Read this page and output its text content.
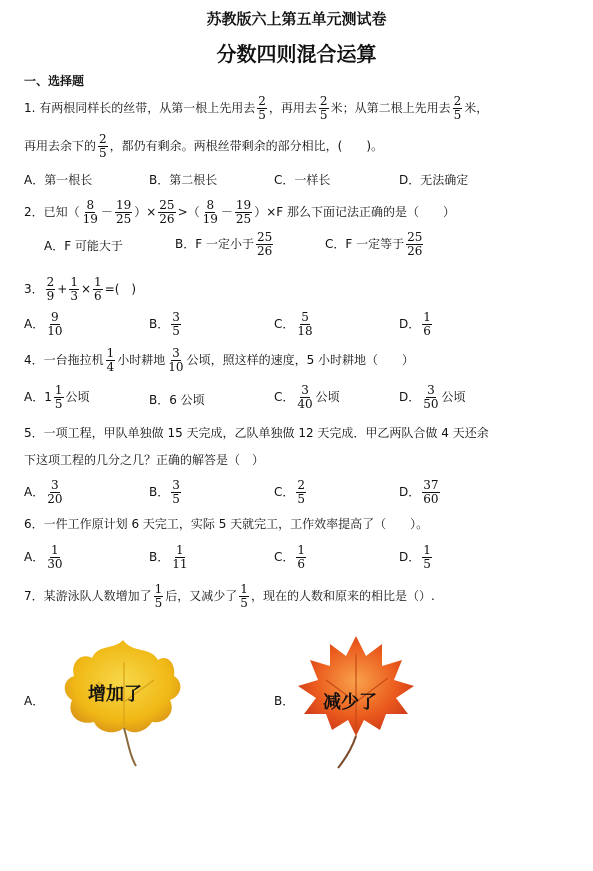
苏教版六上第五单元测试卷
分数四则混合运算
一、选择题
1. 有两根同样长的丝带，从第一根上先用去 $\frac{2}{5}$ ，再用去 $\frac{2}{5}$ 米；从第二根上先用去 $\frac{2}{5}$ 米，
再用去余下的 $\frac{2}{5}$ ，都仍有剩余。两根丝带剩余的部分相比，(　　)。
A．第一根长	B．第二根长	C．一样长	D．无法确定
2．已知（ $\frac{8}{19} - \frac{19}{25}$ ）× $\frac{25}{26}$ >（ $\frac{8}{19} - \frac{19}{25} )\times F$ 那么下面记法正确的是（　　）
A．F 可能大于	B．F 一定小于 $\frac{25}{26}$	C．F 一定等于 $\frac{25}{26}$
3． $\frac{2}{9} + \frac{1}{3} \times \frac{1}{6}$ =(　)
A． $\frac{9}{10}$	B． $\frac{3}{5}$	C． $\frac{5}{18}$	D． $\frac{1}{6}$
4．一台拖拉机 $\frac{1}{4}$ 小时耕地 $\frac{3}{10}$ 公顷，照这样的速度，5 小时耕地（　　）
A．$1 \frac{1}{5}$ 公顷	B．6 公顷	C． $\frac{3}{40}$ 公顷	D． $\frac{3}{50}$ 公顷
5．一项工程，甲队单独做 15 天完成，乙队单独做 12 天完成．甲乙两队合做 4 天还余
下这项工程的几分之几？正确的解答是（　）
A． $\frac{3}{20}$	B． $\frac{3}{5}$	C． $\frac{2}{5}$	D． $\frac{37}{60}$
6．一件工作原计划 6 天完工，实际 5 天就完工，工作效率提高了（　　）。
A． $\frac{1}{30}$	B． $\frac{1}{11}$	C． $\frac{1}{6}$	D． $\frac{1}{5}$
7．某游泳队人数增加了 $\frac{1}{5}$ 后，又减少了 $\frac{1}{5}$ ，现在的人数和原来的相比是（）.
A． 增加了	B． 减少了
